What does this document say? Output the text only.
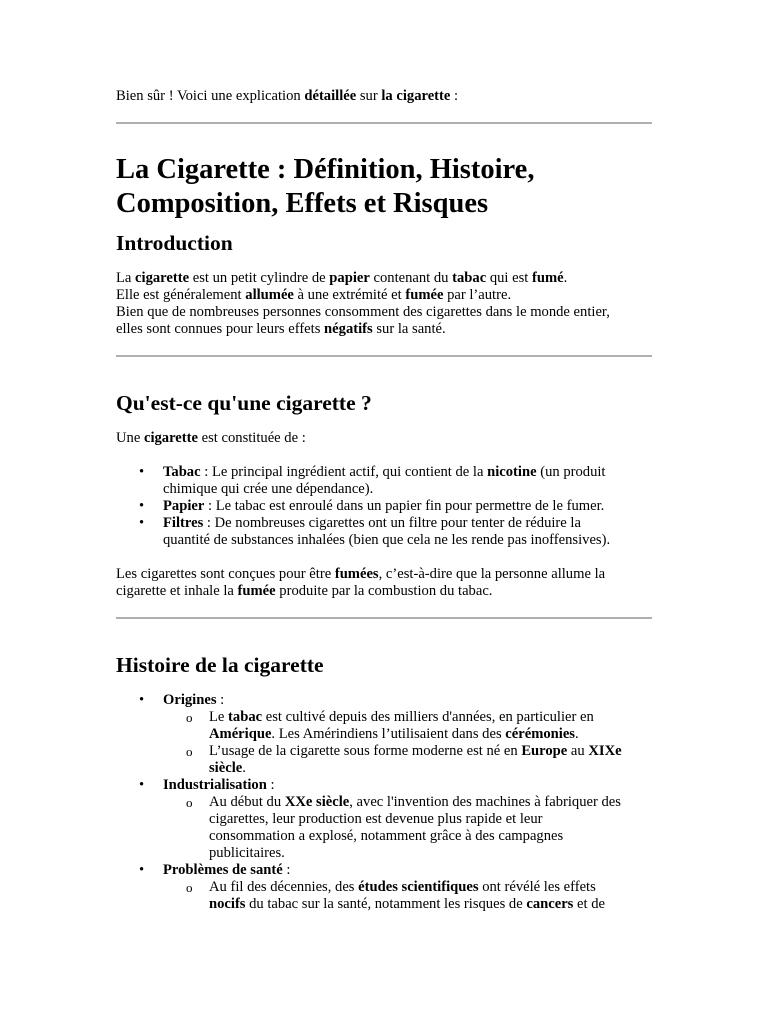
Bien sûr ! Voici une explication détaillée sur la cigarette :

La Cigarette : Définition, Histoire,
Composition, Effets et Risques
Introduction

La cigarette est un petit cylindre de papier contenant du tabac qui est fumé.

Elle est généralement allumée à une extrémité et fumée par l’autre.

Bien que de nombreuses personnes consomment des cigarettes dans le monde entier,

elles sont connues pour leurs effets négatifs sur la santé.

Qu'est-ce qu'une cigarette ?

Une cigarette est constituée de :

• Tabac : Le principal ingrédient actif, qui contient de la nicotine (un produit
chimique qui crée une dépendance).
• Papier : Le tabac est enroulé dans un papier fin pour permettre de le fumer.
• Filtres : De nombreuses cigarettes ont un filtre pour tenter de réduire la
quantité de substances inhalées (bien que cela ne les rende pas inoffensives).

Les cigarettes sont conçues pour être fumées, c’est-à-dire que la personne allume la

cigarette et inhale la fumée produite par la combustion du tabac.

Histoire de la cigarette
• Origines :
o Le tabac est cultivé depuis des milliers d'années, en particulier en
Amérique. Les Amérindiens l’utilisaient dans des cérémonies.
o L’usage de la cigarette sous forme moderne est né en Europe au XIXe
siècle.
• Industrialisation :
o Au début du XXe siècle, avec l'invention des machines à fabriquer des
cigarettes, leur production est devenue plus rapide et leur
consommation a explosé, notamment grâce à des campagnes
publicitaires.
• Problèmes de santé :
o Au fil des décennies, des études scientifiques ont révélé les effets
nocifs du tabac sur la santé, notamment les risques de cancers et de
